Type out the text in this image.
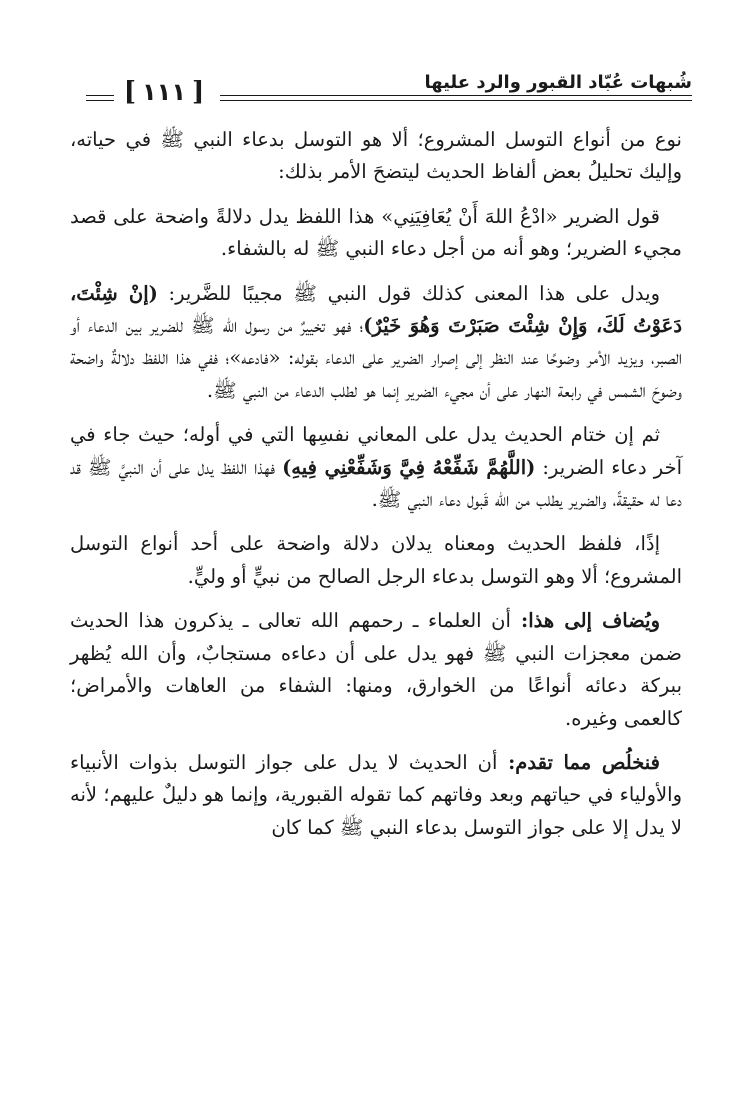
شُبهات عُبّاد القبور والرد عليها
[ ١١١ ]

نوع من أنواع التوسل المشروع؛ ألا هو التوسل بدعاء النبي ﷺ في حياته، وإليك تحليلُ بعض ألفاظ الحديث ليتضحَ الأمر بذلك:

قول الضرير «ادْعُ اللهَ أَنْ يُعَافِيَنِي» هذا اللفظ يدل دلالةً واضحة على قصد مجيء الضرير؛ وهو أنه من أجل دعاء النبي ﷺ له بالشفاء.

ويدل على هذا المعنى كذلك قول النبي ﷺ مجيبًا للضَّرير: (إنْ شِئْتَ، دَعَوْتُ لَكَ، وَإِنْ شِئْتَ صَبَرْتَ وَهُوَ خَيْرٌ)؛ فهو تخييرٌ من رسول الله ﷺ للضرير بين الدعاء أو الصبر، ويزيد الأمر وضوحًا عند النظر إلى إصرار الضرير على الدعاء بقوله: «فادعه»؛ ففي هذا اللفظ دلالةٌ واضحة وضوحَ الشمس في رابعة النهار على أن مجيء الضرير إنما هو لطلب الدعاء من النبي ﷺ.

ثم إن ختام الحديث يدل على المعاني نفسِها التي في أوله؛ حيث جاء في آخر دعاء الضرير: (اللَّهُمَّ شَفِّعْهُ فِيَّ وَشَفِّعْنِي فِيهِ) فهذا اللفظ يدل على أن النبيَّ ﷺ قد دعا له حقيقةً، والضرير يطلب من الله قَبول دعاء النبي ﷺ.

إذًا، فلفظ الحديث ومعناه يدلان دلالة واضحة على أحد أنواع التوسل المشروع؛ ألا وهو التوسل بدعاء الرجل الصالح من نبيٍّ أو وليٍّ.

ويُضاف إلى هذا: أن العلماء ـ رحمهم الله تعالى ـ يذكرون هذا الحديث ضمن معجزات النبي ﷺ فهو يدل على أن دعاءه مستجابٌ، وأن الله يُظهر ببركة دعائه أنواعًا من الخوارق، ومنها: الشفاء من العاهات والأمراض؛ كالعمى وغيره.

فنخلُص مما تقدم: أن الحديث لا يدل على جواز التوسل بذوات الأنبياء والأولياء في حياتهم وبعد وفاتهم كما تقوله القبورية، وإنما هو دليلٌ عليهم؛ لأنه لا يدل إلا على جواز التوسل بدعاء النبي ﷺ كما كان
